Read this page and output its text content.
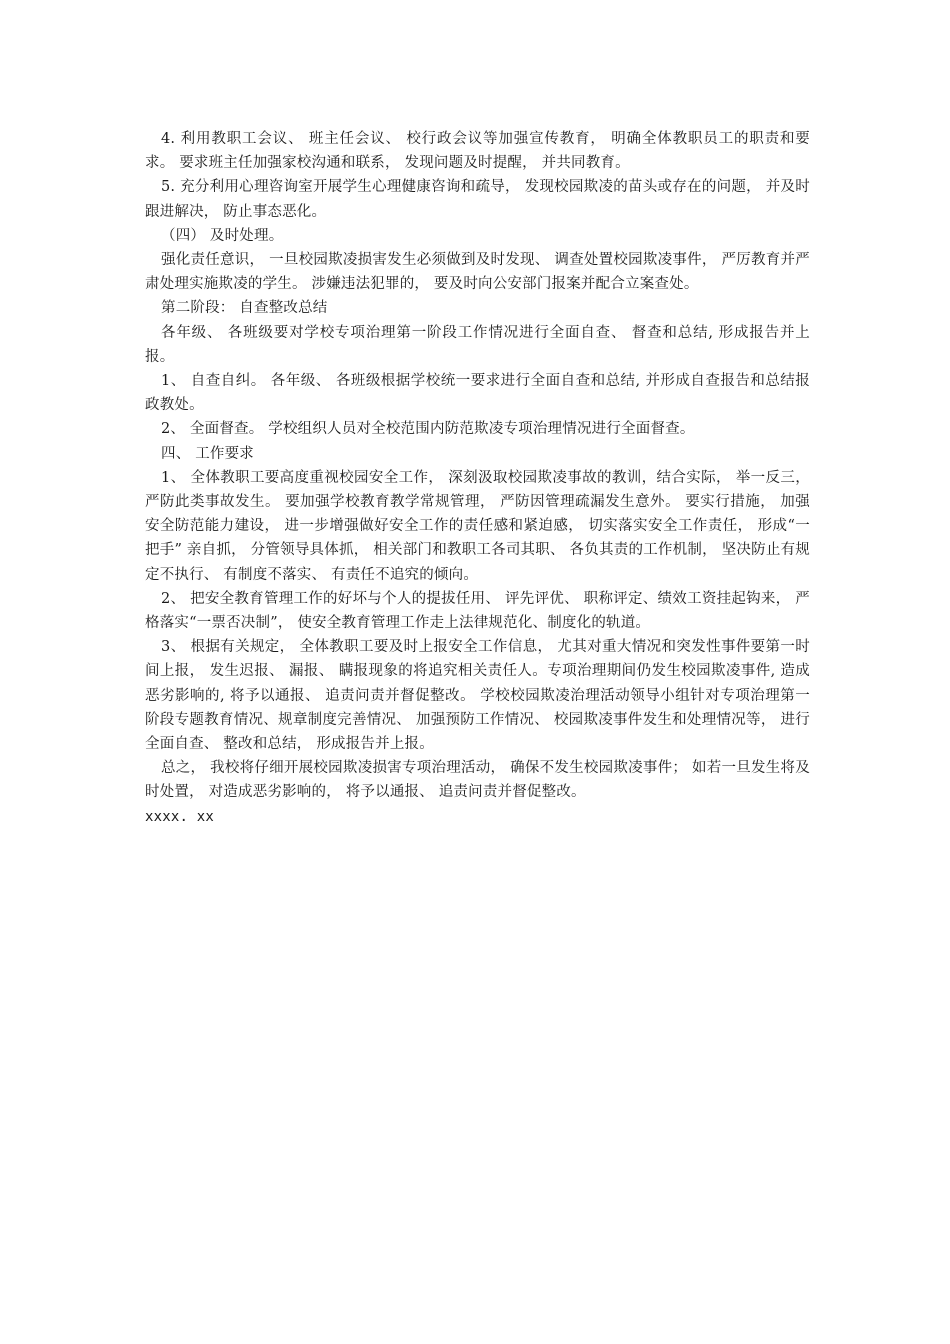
4. 利用教职工会议、 班主任会议、 校行政会议等加强宣传教育， 明确全体教职员工的职责和要求。 要求班主任加强家校沟通和联系， 发现问题及时提醒， 并共同教育。

5. 充分利用心理咨询室开展学生心理健康咨询和疏导， 发现校园欺凌的苗头或存在的问题， 并及时跟进解决， 防止事态恶化。

（四） 及时处理。

强化责任意识， 一旦校园欺凌损害发生必须做到及时发现、 调查处置校园欺凌事件， 严厉教育并严肃处理实施欺凌的学生。 涉嫌违法犯罪的， 要及时向公安部门报案并配合立案查处。

第二阶段： 自查整改总结

各年级、 各班级要对学校专项治理第一阶段工作情况进行全面自查、 督查和总结, 形成报告并上报。

1、 自查自纠。 各年级、 各班级根据学校统一要求进行全面自查和总结, 并形成自查报告和总结报政教处。

2、 全面督查。 学校组织人员对全校范围内防范欺凌专项治理情况进行全面督查。

四、 工作要求

1、 全体教职工要高度重视校园安全工作， 深刻汲取校园欺凌事故的教训，结合实际， 举一反三， 严防此类事故发生。 要加强学校教育教学常规管理， 严防因管理疏漏发生意外。 要实行措施， 加强安全防范能力建设， 进一步增强做好安全工作的责任感和紧迫感， 切实落实安全工作责任， 形成“一把手” 亲自抓， 分管领导具体抓， 相关部门和教职工各司其职、 各负其责的工作机制， 坚决防止有规定不执行、 有制度不落实、 有责任不追究的倾向。

2、 把安全教育管理工作的好坏与个人的提拔任用、 评先评优、 职称评定、绩效工资挂起钩来， 严格落实“一票否决制”， 使安全教育管理工作走上法律规范化、制度化的轨道。

3、 根据有关规定， 全体教职工要及时上报安全工作信息， 尤其对重大情况和突发性事件要第一时间上报， 发生迟报、 漏报、 瞒报现象的将追究相关责任人。专项治理期间仍发生校园欺凌事件, 造成恶劣影响的, 将予以通报、 追责问责并督促整改。 学校校园欺凌治理活动领导小组针对专项治理第一阶段专题教育情况、规章制度完善情况、 加强预防工作情况、 校园欺凌事件发生和处理情况等， 进行全面自查、 整改和总结， 形成报告并上报。

总之， 我校将仔细开展校园欺凌损害专项治理活动， 确保不发生校园欺凌事件； 如若一旦发生将及时处置， 对造成恶劣影响的， 将予以通报、 追责问责并督促整改。

xxxx. xx
